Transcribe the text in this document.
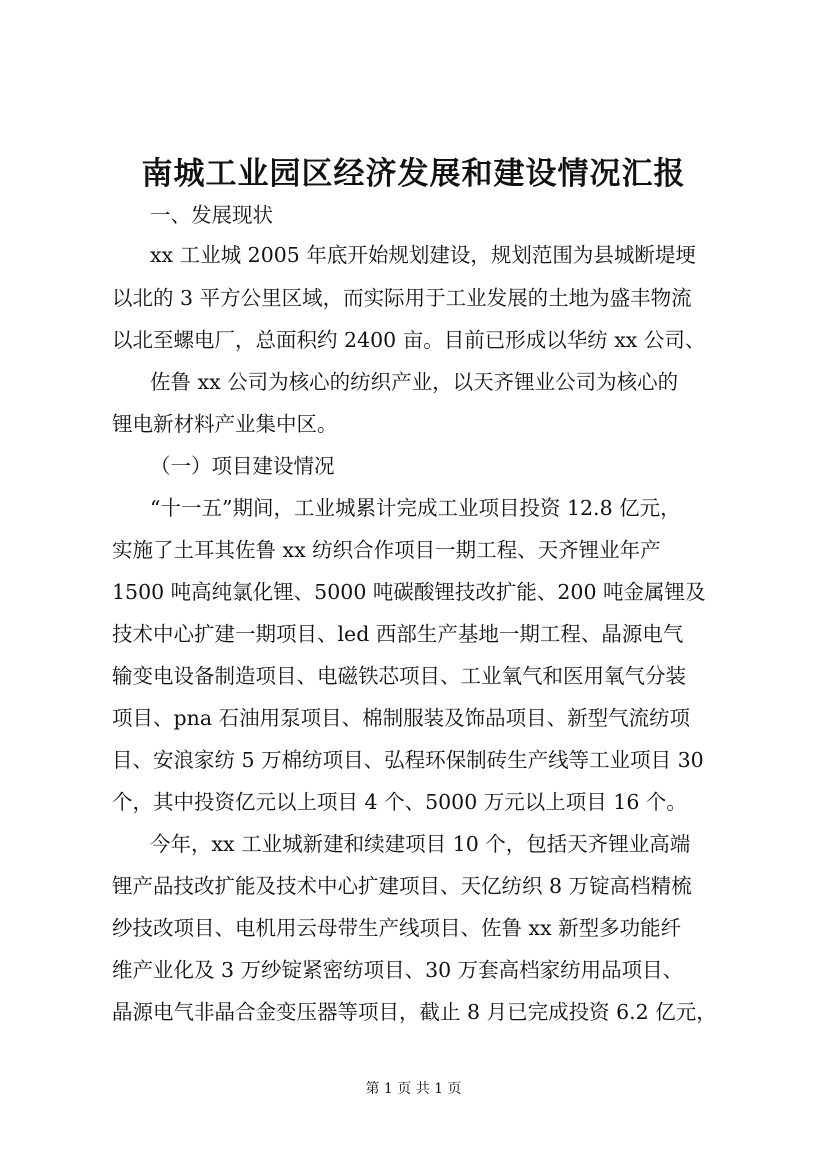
南城工业园区经济发展和建设情况汇报

一、发展现状

xx 工业城 2005 年底开始规划建设，规划范围为县城断堤埂

以北的 3 平方公里区域，而实际用于工业发展的土地为盛丰物流

以北至螺电厂，总面积约 2400 亩。目前已形成以华纺 xx 公司、

佐鲁 xx 公司为核心的纺织产业，以天齐锂业公司为核心的

锂电新材料产业集中区。

（一）项目建设情况

“十一五”期间，工业城累计完成工业项目投资 12.8 亿元，

实施了土耳其佐鲁 xx 纺织合作项目一期工程、天齐锂业年产

1500 吨高纯氯化锂、5000 吨碳酸锂技改扩能、200 吨金属锂及

技术中心扩建一期项目、led 西部生产基地一期工程、晶源电气

输变电设备制造项目、电磁铁芯项目、工业氧气和医用氧气分装

项目、pna 石油用泵项目、棉制服装及饰品项目、新型气流纺项

目、安浪家纺 5 万棉纺项目、弘程环保制砖生产线等工业项目 30

个，其中投资亿元以上项目 4 个、5000 万元以上项目 16 个。

今年，xx 工业城新建和续建项目 10 个，包括天齐锂业高端

锂产品技改扩能及技术中心扩建项目、天亿纺织 8 万锭高档精梳

纱技改项目、电机用云母带生产线项目、佐鲁 xx 新型多功能纤

维产业化及 3 万纱锭紧密纺项目、30 万套高档家纺用品项目、

晶源电气非晶合金变压器等项目，截止 8 月已完成投资 6.2 亿元，

第 1 页 共 1 页
